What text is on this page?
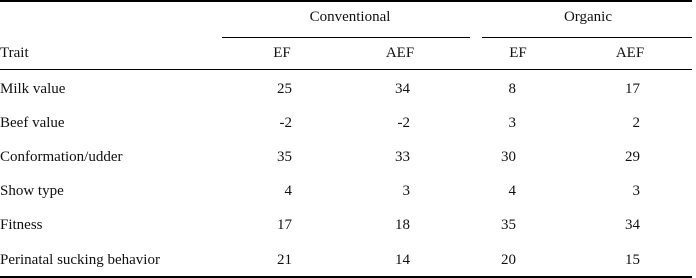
Conventional	Organic
Trait	EF	AEF	EF	AEF
Milk value	25	34	8	17
Beef value	-2	-2	3	2
Conformation/udder	35	33	30	29
Show type	4	3	4	3
Fitness	17	18	35	34
Perinatal sucking behavior	21	14	20	15
